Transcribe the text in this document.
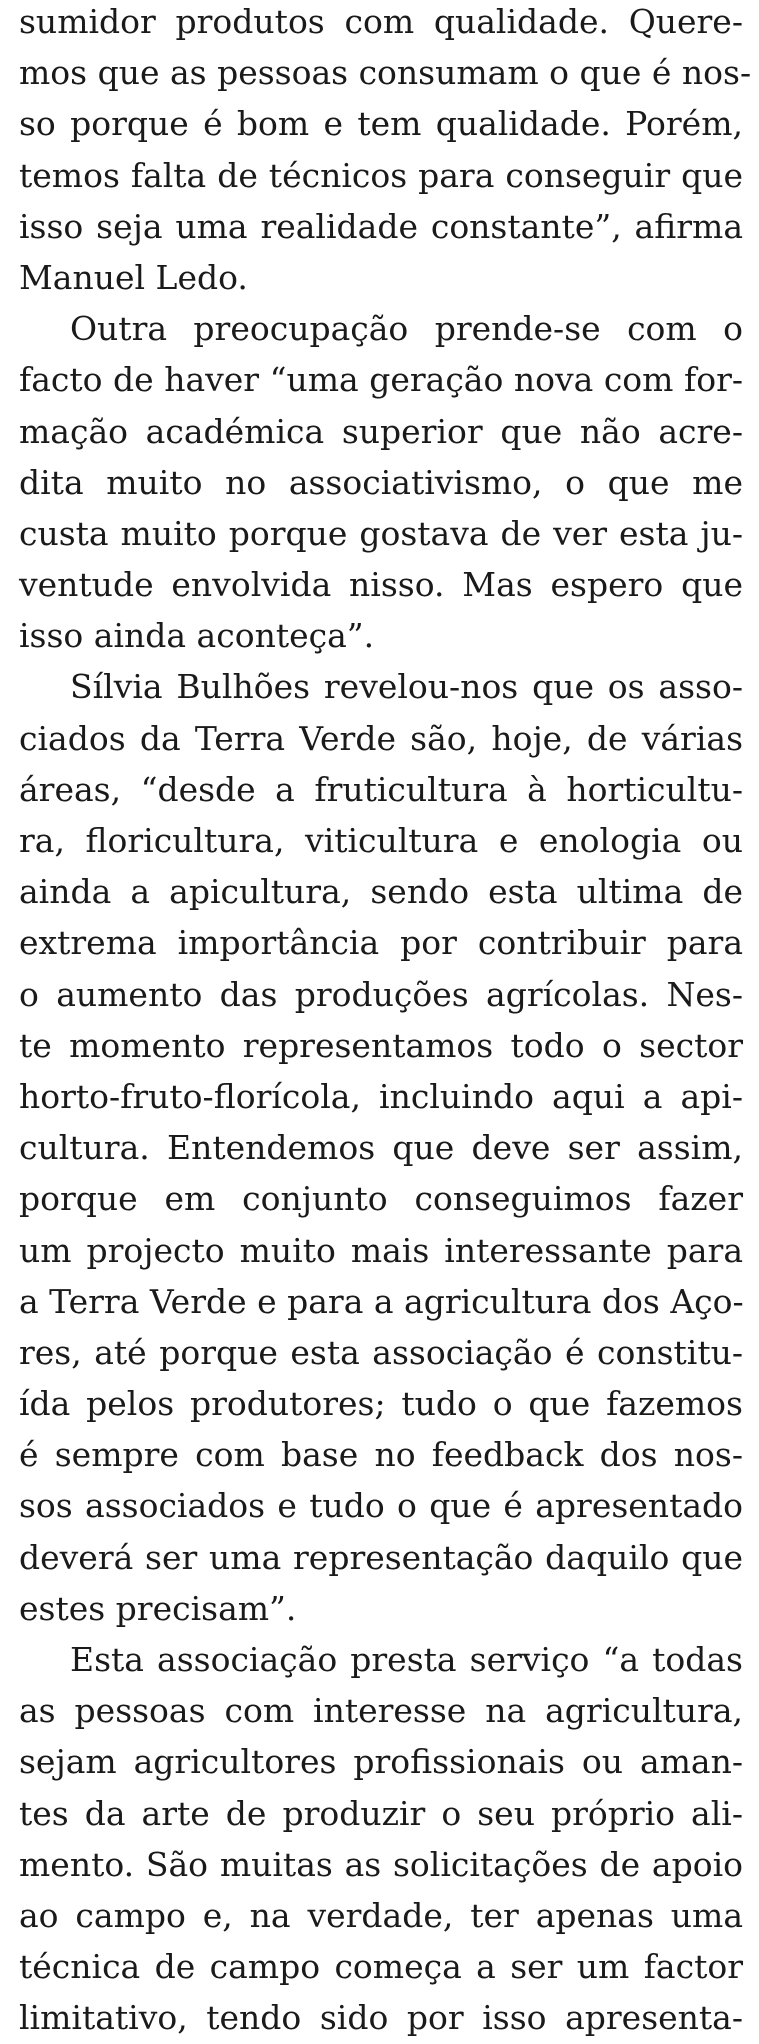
sumidor produtos com qualidade. Quere-
mos que as pessoas consumam o que é nos-
so porque é bom e tem qualidade. Porém,
temos falta de técnicos para conseguir que
isso seja uma realidade constante”, afirma
Manuel Ledo.
Outra preocupação prende-se com o
facto de haver “uma geração nova com for-
mação académica superior que não acre-
dita muito no associativismo, o que me
custa muito porque gostava de ver esta ju-
ventude envolvida nisso. Mas espero que
isso ainda aconteça”.
Sílvia Bulhões revelou-nos que os asso-
ciados da Terra Verde são, hoje, de várias
áreas, “desde a fruticultura à horticultu-
ra, floricultura, viticultura e enologia ou
ainda a apicultura, sendo esta ultima de
extrema importância por contribuir para
o aumento das produções agrícolas. Nes-
te momento representamos todo o sector
horto-fruto-florícola, incluindo aqui a api-
cultura. Entendemos que deve ser assim,
porque em conjunto conseguimos fazer
um projecto muito mais interessante para
a Terra Verde e para a agricultura dos Aço-
res, até porque esta associação é constitu-
ída pelos produtores; tudo o que fazemos
é sempre com base no feedback dos nos-
sos associados e tudo o que é apresentado
deverá ser uma representação daquilo que
estes precisam”.
Esta associação presta serviço “a todas
as pessoas com interesse na agricultura,
sejam agricultores profissionais ou aman-
tes da arte de produzir o seu próprio ali-
mento. São muitas as solicitações de apoio
ao campo e, na verdade, ter apenas uma
técnica de campo começa a ser um factor
limitativo, tendo sido por isso apresenta-
